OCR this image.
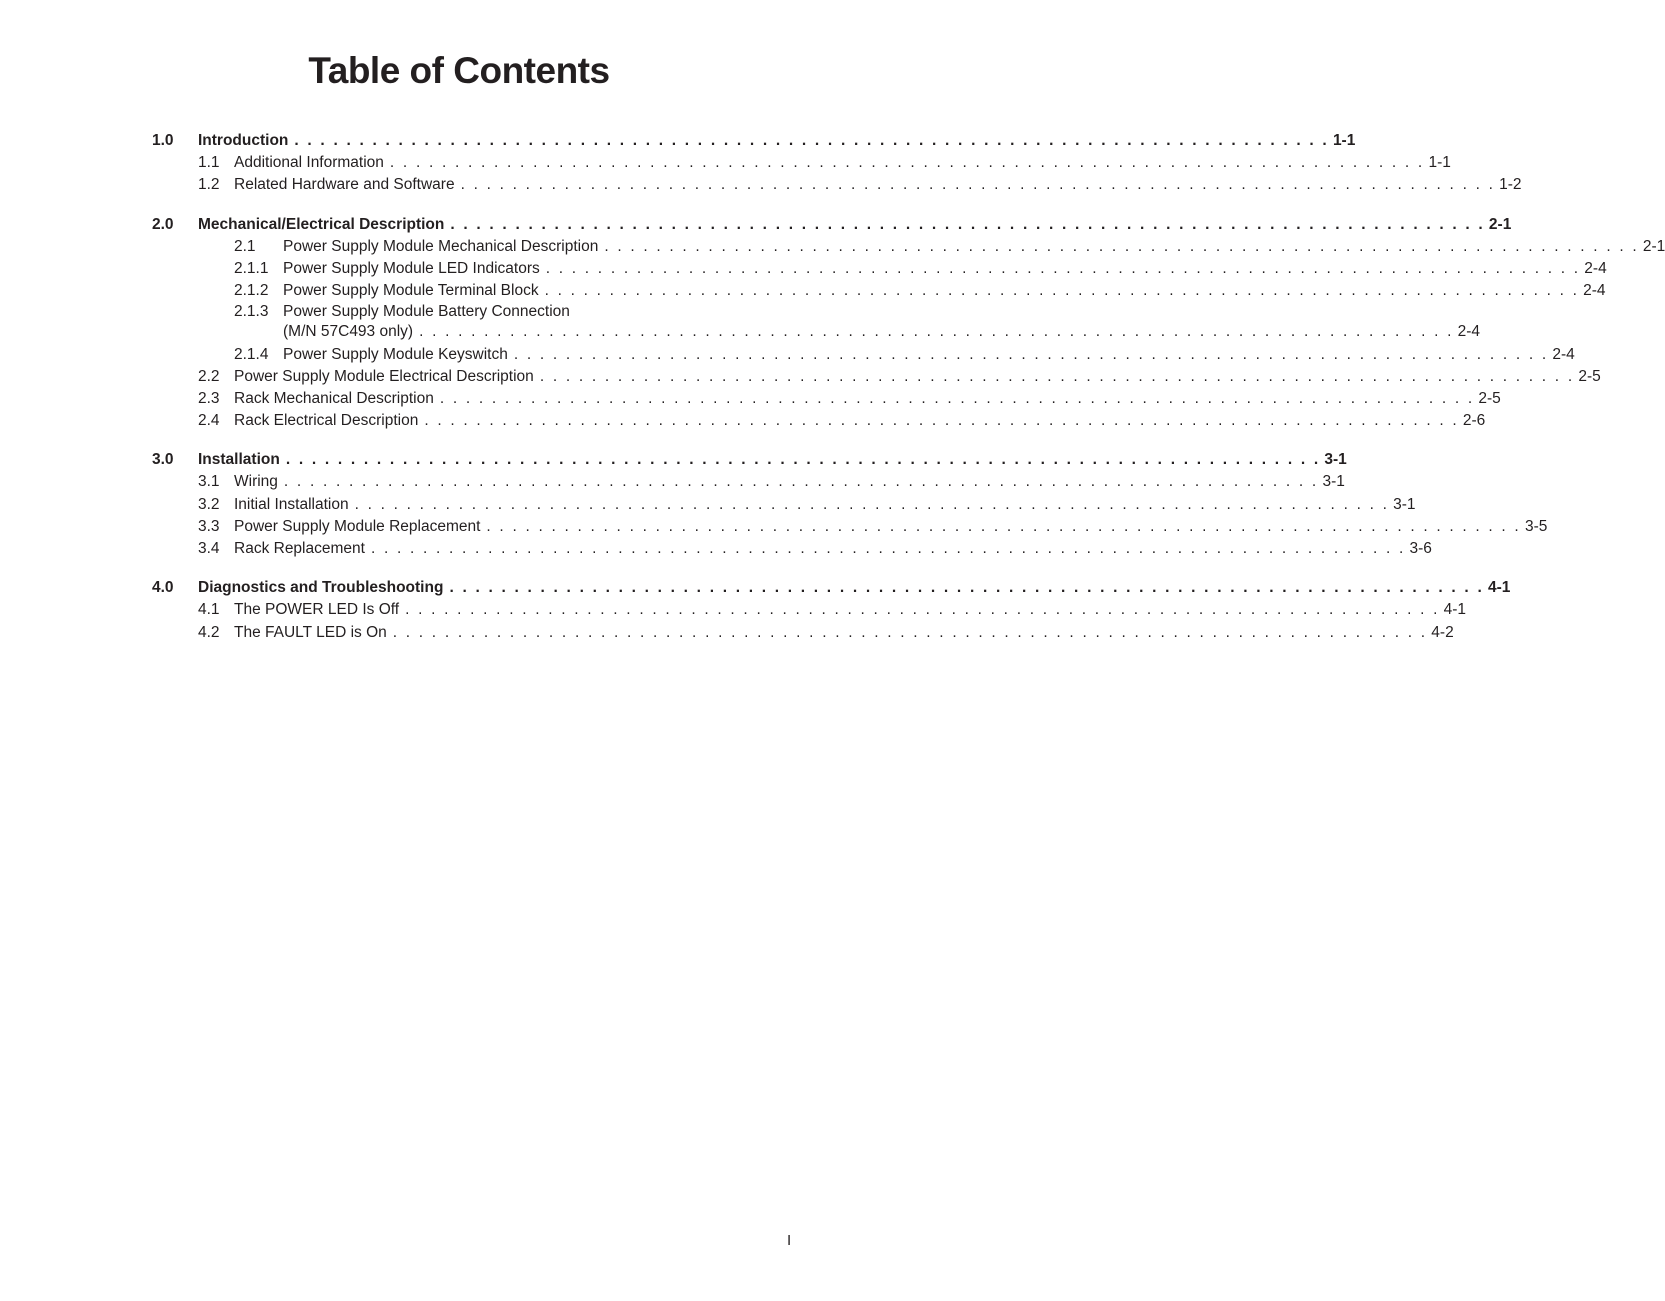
Table of Contents
1.0 Introduction . . . . . . . . . . . . . . . . . . . . . . . . . . . . . . . . . . . . . . . . . . . . . . . . . . . . . . . . . . . . . . . . . . . . . . . . . . . . . . . . 1-1
1.1 Additional Information . . . . . . . . . . . . . . . . . . . . . . . . . . . . . . . . . . . . . . . . . . . . . . . . . . . . . . . . . . . . . . . . . . . . . . . . . . . . . . . . 1-1
1.2 Related Hardware and Software . . . . . . . . . . . . . . . . . . . . . . . . . . . . . . . . . . . . . . . . . . . . . . . . . . . . . . . . . . . . . . . . . . . . . . . . . . . . . . . . 1-2
2.0 Mechanical/Electrical Description . . . . . . . . . . . . . . . . . . . . . . . . . . . . . . . . . . . . . . . . . . . . . . . . . . . . . . . . . . . . . . . . . . . . . . . . . . . . . . . . 2-1
2.1 Power Supply Module Mechanical Description . . . . . . . . . . . . . . . . . . . . . . . . . . . . . . . . . . . . . . . . . . . . . . . . . . . . . . . . . . . . . . . . . . . . . . . . . . . . . . . . 2-1
2.1.1 Power Supply Module LED Indicators . . . . . . . . . . . . . . . . . . . . . . . . . . . . . . . . . . . . . . . . . . . . . . . . . . . . . . . . . . . . . . . . . . . . . . . . . . . . . . . . 2-4
2.1.2 Power Supply Module Terminal Block . . . . . . . . . . . . . . . . . . . . . . . . . . . . . . . . . . . . . . . . . . . . . . . . . . . . . . . . . . . . . . . . . . . . . . . . . . . . . . . . 2-4
2.1.3 Power Supply Module Battery Connection
(M/N 57C493 only) . . . . . . . . . . . . . . . . . . . . . . . . . . . . . . . . . . . . . . . . . . . . . . . . . . . . . . . . . . . . . . . . . . . . . . . . . . . . . . . . 2-4
2.1.4 Power Supply Module Keyswitch . . . . . . . . . . . . . . . . . . . . . . . . . . . . . . . . . . . . . . . . . . . . . . . . . . . . . . . . . . . . . . . . . . . . . . . . . . . . . . . . 2-4
2.2 Power Supply Module Electrical Description . . . . . . . . . . . . . . . . . . . . . . . . . . . . . . . . . . . . . . . . . . . . . . . . . . . . . . . . . . . . . . . . . . . . . . . . . . . . . . . . 2-5
2.3 Rack Mechanical Description . . . . . . . . . . . . . . . . . . . . . . . . . . . . . . . . . . . . . . . . . . . . . . . . . . . . . . . . . . . . . . . . . . . . . . . . . . . . . . . . 2-5
2.4 Rack Electrical Description . . . . . . . . . . . . . . . . . . . . . . . . . . . . . . . . . . . . . . . . . . . . . . . . . . . . . . . . . . . . . . . . . . . . . . . . . . . . . . . . 2-6
3.0 Installation . . . . . . . . . . . . . . . . . . . . . . . . . . . . . . . . . . . . . . . . . . . . . . . . . . . . . . . . . . . . . . . . . . . . . . . . . . . . . . . . 3-1
3.1 Wiring . . . . . . . . . . . . . . . . . . . . . . . . . . . . . . . . . . . . . . . . . . . . . . . . . . . . . . . . . . . . . . . . . . . . . . . . . . . . . . . . 3-1
3.2 Initial Installation . . . . . . . . . . . . . . . . . . . . . . . . . . . . . . . . . . . . . . . . . . . . . . . . . . . . . . . . . . . . . . . . . . . . . . . . . . . . . . . . 3-1
3.3 Power Supply Module Replacement . . . . . . . . . . . . . . . . . . . . . . . . . . . . . . . . . . . . . . . . . . . . . . . . . . . . . . . . . . . . . . . . . . . . . . . . . . . . . . . . 3-5
3.4 Rack Replacement . . . . . . . . . . . . . . . . . . . . . . . . . . . . . . . . . . . . . . . . . . . . . . . . . . . . . . . . . . . . . . . . . . . . . . . . . . . . . . . . 3-6
4.0 Diagnostics and Troubleshooting . . . . . . . . . . . . . . . . . . . . . . . . . . . . . . . . . . . . . . . . . . . . . . . . . . . . . . . . . . . . . . . . . . . . . . . . . . . . . . . . 4-1
4.1 The POWER LED Is Off . . . . . . . . . . . . . . . . . . . . . . . . . . . . . . . . . . . . . . . . . . . . . . . . . . . . . . . . . . . . . . . . . . . . . . . . . . . . . . . . 4-1
4.2 The FAULT LED is On . . . . . . . . . . . . . . . . . . . . . . . . . . . . . . . . . . . . . . . . . . . . . . . . . . . . . . . . . . . . . . . . . . . . . . . . . . . . . . . . 4-2
I
